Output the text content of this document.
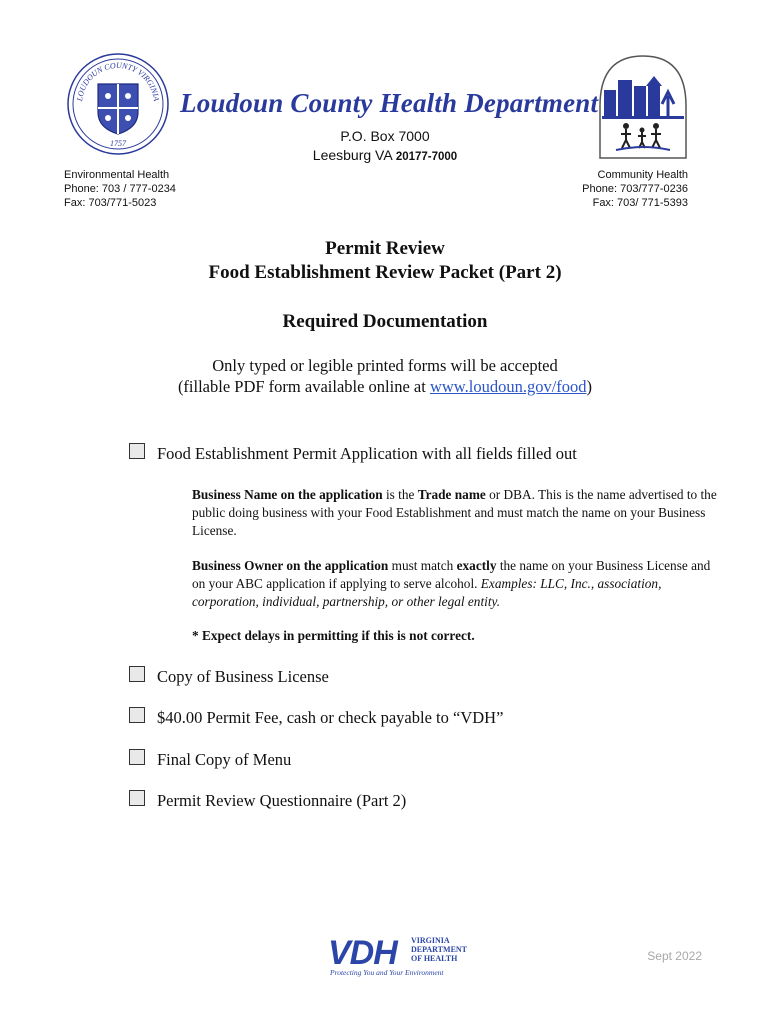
LOUDOUN COUNTY VIRGINIA
1757
Loudoun County Health Department
P.O. Box 7000
Leesburg VA 20177-7000
Environmental Health
Phone: 703 / 777-0234
Fax: 703/771-5023
Community Health
Phone: 703/777-0236
Fax: 703/ 771-5393
Permit Review
Food Establishment Review Packet (Part 2)
Required Documentation
Only typed or legible printed forms will be accepted
(fillable PDF form available online at www.loudoun.gov/food)
Food Establishment Permit Application with all fields filled out
Business Name on the application is the Trade name or DBA. This is the name advertised to the public doing business with your Food Establishment and must match the name on your Business License.
Business Owner on the application must match exactly the name on your Business License and on your ABC application if applying to serve alcohol. Examples: LLC, Inc., association, corporation, individual, partnership, or other legal entity.
* Expect delays in permitting if this is not correct.
Copy of Business License
$40.00 Permit Fee, cash or check payable to “VDH”
Final Copy of Menu
Permit Review Questionnaire (Part 2)
VDH	VIRGINIA
DEPARTMENT
OF HEALTH
Protecting You and Your Environment
Sept 2022
